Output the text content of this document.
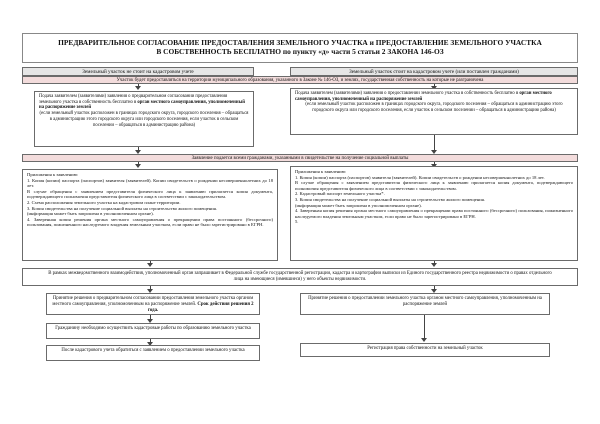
ПРЕДВАРИТЕЛЬНОЕ СОГЛАСОВАНИЕ ПРЕДОСТАВЛЕНИЯ ЗЕМЕЛЬНОГО УЧАСТКА и ПРЕДОСТАВЛЕНИЕ ЗЕМЕЛЬНОГО УЧАСТКА
В СОБСТВЕННОСТЬ БЕСПЛАТНО по пункту «д» части 5 статьи 2 ЗАКОНА 146-ОЗ
Земельный участок не стоит на кадастровом учете	Земельный участок стоит на кадастровом учете (или поставлен гражданами)
Участок будет предоставляться на территории муниципального образования, указанного в Законе № 146-ОЗ, и землях, государственная собственность на которые не разграничена

Подача заявителем (заявителями) заявления о предварительном согласовании предоставления земельного участка в собственность бесплатно в орган местного самоуправления, уполномоченный на распоряжение землей

(если земельный участок расположен в границах городского округа, городского поселения – обращаться в администрацию этого городского округа или городского поселения, если участок в сельском поселении – обращаться в администрацию района)

Подача заявителем (заявителями) заявления о предоставлении земельного участка в собственность бесплатно в орган местного самоуправления, уполномоченный на распоряжение землей

(если земельный участок расположен в границах городского округа, городского поселения – обращаться в администрацию этого городского округа или городского поселения, если участок в сельском поселении – обращаться в администрацию района)

Заявление подается всеми гражданами, указанными в свидетельстве на получение социальной выплаты

Приложения к заявлению:

1. Копия (копии) паспорта (паспортов) заявителя (заявителей). Копии свидетельств о рождении несовершеннолетних до 18 лет.

В случае обращения с заявлением представителя физического лица к заявлению прилагается копия документа, подтверждающего полномочия представителя физического лица в соответствии с законодательством.

2. Схема расположения земельного участка на кадастровом плане территории.

3. Копия свидетельства на получение социальной выплаты на строительство жилого помещения.

(информация может быть запрошена в уполномоченном органе).

4. Заверенная копия решения органа местного самоуправления о прекращении права постоянного (бессрочного) пользования, пожизненного наследуемого владения земельным участком, если право не было зарегистрировано в ЕГРН.

Приложения к заявлению:

1. Копия (копии) паспорта (паспортов) заявителя (заявителей). Копии свидетельств о рождении несовершеннолетних до 18 лет.

В случае обращения с заявлением представителя физического лица к заявлению прилагается копия документа, подтверждающего полномочия представителя физического лица в соответствии с законодательством.

2. Кадастровый паспорт земельного участка*.

3. Копия свидетельства на получение социальной выплаты на строительство жилого помещения.

(информация может быть запрошена в уполномоченном органе).

4. Заверенная копия решения органа местного самоуправления о прекращении права постоянного (бессрочного) пользования, пожизненного наследуемого владения земельным участком, если право не было зарегистрировано в ЕГРН.

5.

В рамках межведомственного взаимодействия, уполномоченный орган запрашивает в Федеральной службе государственной регистрации, кадастра и картографии выписки из Единого государственного реестра недвижимости о правах отдельного лица на имеющиеся (имевшиеся) у него объекты недвижимости.
Принятие решения о предварительном согласовании предоставления земельного участка органом местного самоуправления, уполномоченным на распоряжение землей. Срок действия решения 2 года.
Принятие решения о предоставлении земельного участка органом местного самоуправления, уполномоченным на распоряжение землей
Гражданину необходимо осуществить кадастровые работы по образованию земельного участка
После кадастрового учета обратиться с заявлением о предоставлении земельного участка	Регистрация права собственности на земельный участок
